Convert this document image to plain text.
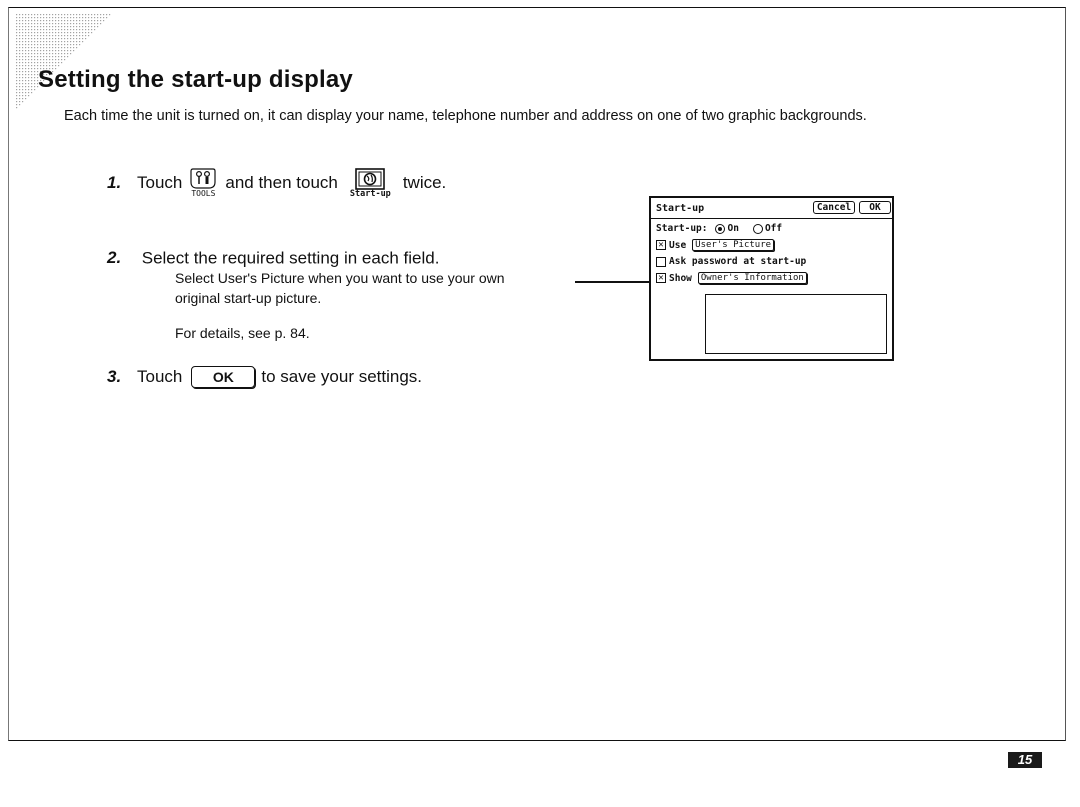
Setting the start-up display

Each time the unit is turned on, it can display your name, telephone number and address on one of two graphic backgrounds.

1. Touch
TOOLS
and then touch
Start-up
twice.
2. Select the required setting in each field.
Select User's Picture when you want to use your own
original start-up picture.
For details, see p. 84.
3. Touch	OK	to save your settings.
Start-up	Cancel	OK
Start-up: On	Off
✕ Use	User's Picture
Ask password at start-up
✕ Show	Owner's Information
15
